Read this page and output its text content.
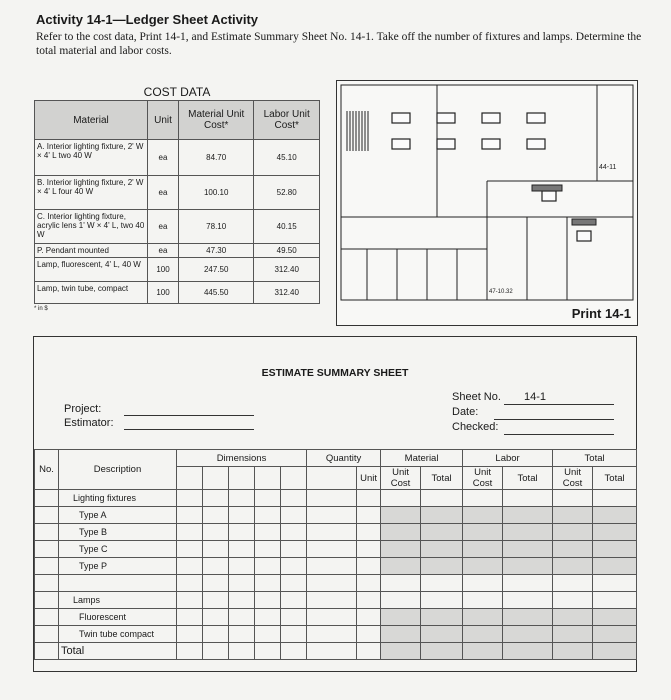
Activity 14-1—Ledger Sheet Activity
Refer to the cost data, Print 14-1, and Estimate Summary Sheet No. 14-1. Take off the number of fixtures and lamps. Determine the total material and labor costs.
COST DATA
Material	Unit	Material Unit Cost*	Labor Unit Cost*
A. Interior lighting fixture, 2' W × 4' L two 40 W	ea	84.70	45.10
B. Interior lighting fixture, 2' W × 4' L four 40 W	ea	100.10	52.80
C. Interior lighting fixture, acrylic lens 1' W × 4' L, two 40 W	ea	78.10	40.15
P. Pendant mounted	ea	47.30	49.50
Lamp, fluorescent, 4' L, 40 W	100	247.50	312.40
Lamp, twin tube, compact	100	445.50	312.40
* in $
44-11
47-10.32
Print 14-1
ESTIMATE SUMMARY SHEET
Project:
Estimator:
Sheet No. 14-1
Date:
Checked:
No.	Description	Dimensions					Quantity		Material		Labor		Total	
								Unit	Unit Cost	Total	Unit Cost	Total	Unit Cost	Total
	Lighting fixtures													
	Type A													
	Type B													
	Type C													
	Type P													

	Lamps													
	Fluorescent													
	Twin tube compact													
	Total													
